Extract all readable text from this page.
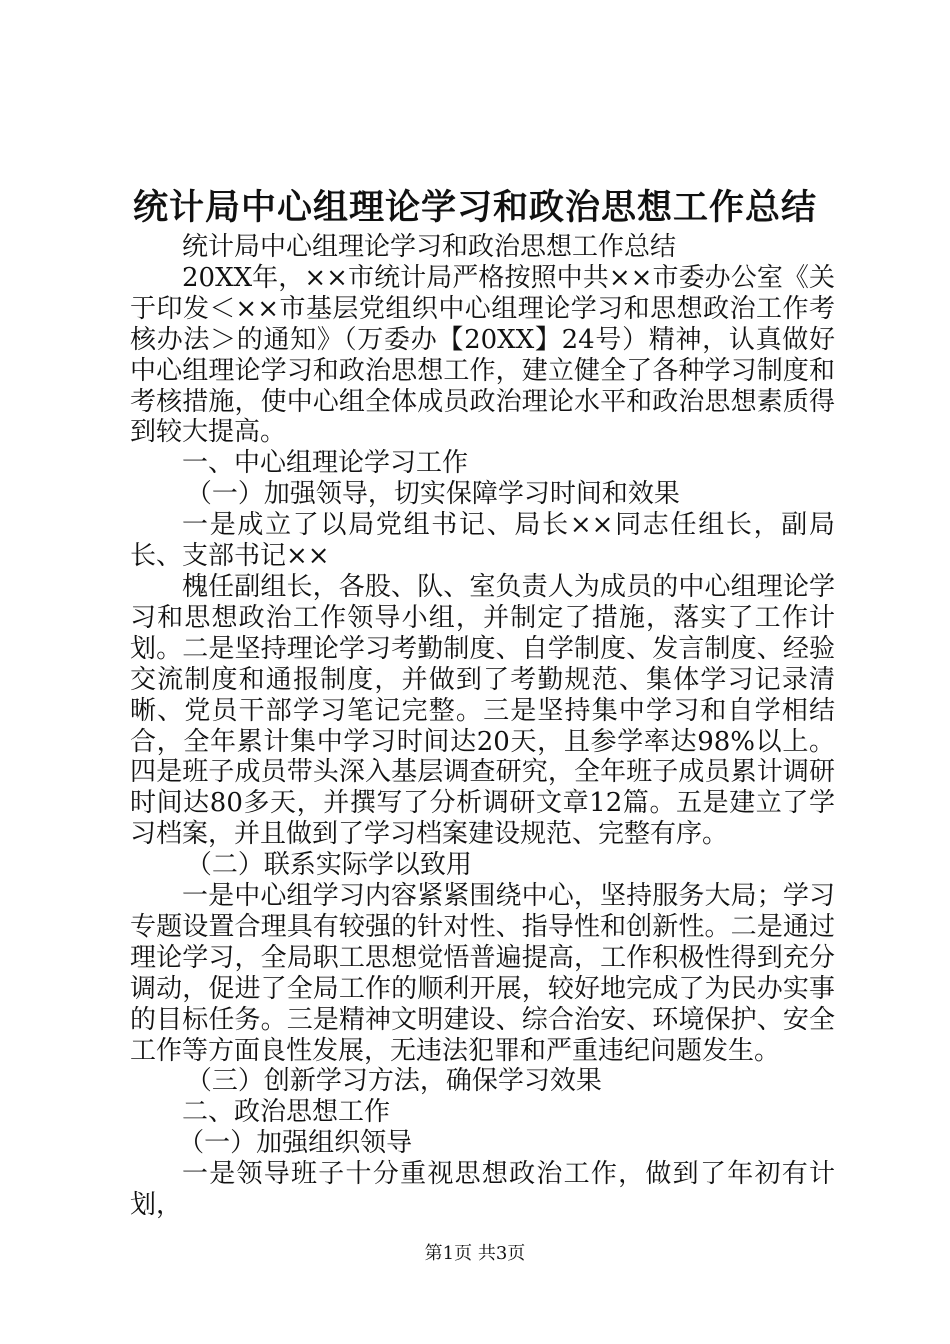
统计局中心组理论学习和政治思想工作总结

统计局中心组理论学习和政治思想工作总结

20XX年，××市统计局严格按照中共××市委办公室《关于印发＜××市基层党组织中心组理论学习和思想政治工作考核办法＞的通知》（万委办【20XX】24号）精神，认真做好中心组理论学习和政治思想工作，建立健全了各种学习制度和考核措施，使中心组全体成员政治理论水平和政治思想素质得到较大提高。

一、中心组理论学习工作

（一）加强领导，切实保障学习时间和效果

一是成立了以局党组书记、局长××同志任组长，副局长、支部书记××

槐任副组长，各股、队、室负责人为成员的中心组理论学习和思想政治工作领导小组，并制定了措施，落实了工作计划。二是坚持理论学习考勤制度、自学制度、发言制度、经验交流制度和通报制度，并做到了考勤规范、集体学习记录清晰、党员干部学习笔记完整。三是坚持集中学习和自学相结合，全年累计集中学习时间达20天，且参学率达98%以上。四是班子成员带头深入基层调查研究，全年班子成员累计调研时间达80多天，并撰写了分析调研文章12篇。五是建立了学习档案，并且做到了学习档案建设规范、完整有序。

（二）联系实际学以致用

一是中心组学习内容紧紧围绕中心，坚持服务大局；学习专题设置合理具有较强的针对性、指导性和创新性。二是通过理论学习，全局职工思想觉悟普遍提高，工作积极性得到充分调动，促进了全局工作的顺利开展，较好地完成了为民办实事的目标任务。三是精神文明建设、综合治安、环境保护、安全工作等方面良性发展，无违法犯罪和严重违纪问题发生。

（三）创新学习方法，确保学习效果

二、政治思想工作

（一）加强组织领导

一是领导班子十分重视思想政治工作，做到了年初有计划，

第1页 共3页
